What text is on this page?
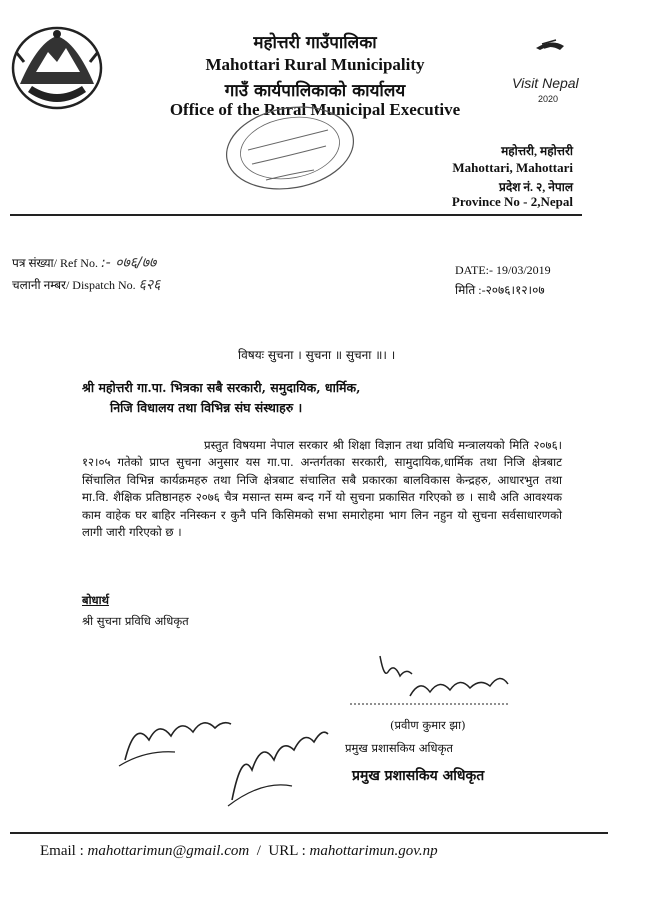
महोत्तरी गाउँपालिका
Mahottari Rural Municipality
गाउँ कार्यपालिकाको कार्यालय
Office of the Rural Municipal Executive
Visit Nepal
2020
महोत्तरी, महोत्तरी
Mahottari, Mahottari
प्रदेश नं. २, नेपाल
Province No - 2,Nepal
पत्र संख्या/ Ref No. :- ०७६/७७
चलानी नम्बर/ Dispatch No. ६२६
DATE:- 19/03/2019
मिति :-२०७६।१२।०७
विषयः सुचना । सुचना ॥ सुचना ॥। ।
श्री महोत्तरी गा.पा. भित्रका सबै सरकारी, समुदायिक, धार्मिक,
निजि विधालय तथा विभिन्न संघ संस्थाहरु ।
प्रस्तुत विषयमा नेपाल सरकार श्री शिक्षा विज्ञान तथा प्रविधि मन्त्रालयको मिति २०७६।१२।०५ गतेको प्राप्त सुचना अनुसार यस गा.पा. अन्तर्गतका सरकारी, सामुदायिक,धार्मिक तथा निजि क्षेत्रबाट सिंचालित विभिन्न कार्यक्रमहरु तथा निजि क्षेत्रबाट संचालित सबै प्रकारका बालविकास केन्द्रहरु, आधारभुत तथा मा.वि. शैक्षिक प्रतिष्ठानहरु २०७६ चैत्र मसान्त सम्म बन्द गर्ने यो सुचना प्रकासित गरिएको छ । साथै अति आवश्यक काम वाहेक घर बाहिर ननिस्कन र कुनै पनि किसिमको सभा समारोहमा भाग लिन नहुन यो सुचना सर्वसाधारणको लागी जारी गरिएको छ ।
बोधार्थ
श्री सुचना प्रविधि अधिकृत
(प्रवीण कुमार झा)
प्रमुख प्रशासकिय अधिकृत
प्रमुख प्रशासकिय अधिकृत
Email : mahottarimun@gmail.com  /  URL : mahottarimun.gov.np
